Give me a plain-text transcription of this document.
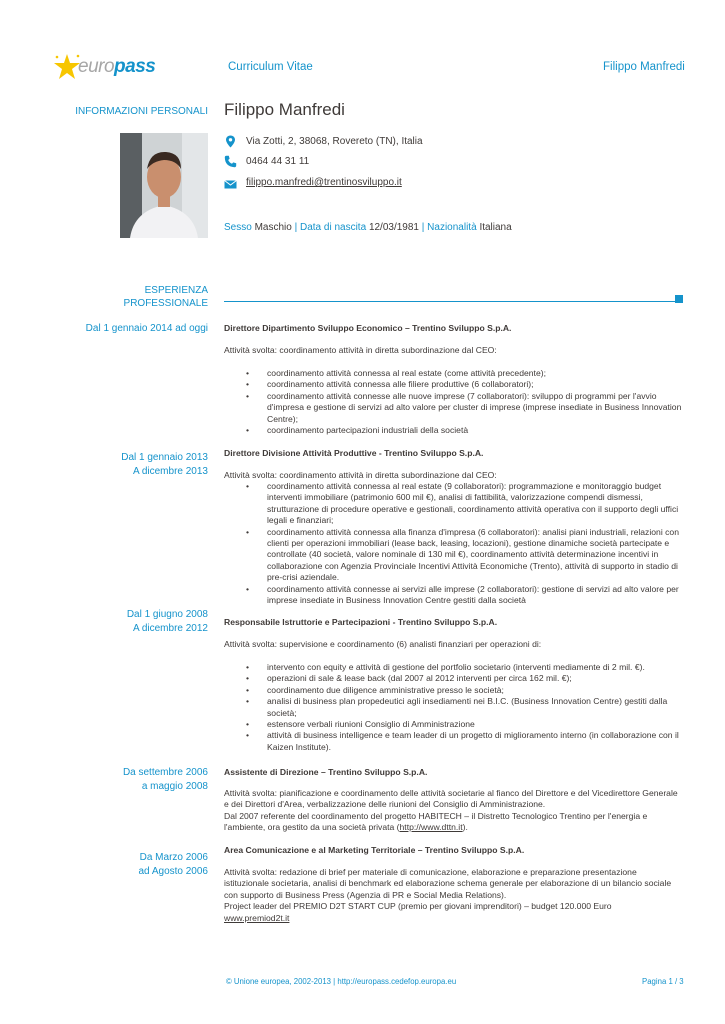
europass	Curriculum Vitae	Filippo Manfredi
INFORMAZIONI PERSONALI Filippo Manfredi
Via Zotti, 2, 38068, Rovereto (TN), Italia
0464 44 31 11
filippo.manfredi@trentinosviluppo.it
Sesso Maschio | Data di nascita 12/03/1981 | Nazionalità Italiana
ESPERIENZA
PROFESSIONALE
Dal 1 gennaio 2014 ad oggi Direttore Dipartimento Sviluppo Economico – Trentino Sviluppo S.p.A.
Attività svolta: coordinamento attività in diretta subordinazione dal CEO:
• coordinamento attività connessa al real estate (come attività precedente);
• coordinamento attività connessa alle filiere produttive (6 collaboratori);
• coordinamento attività connesse alle nuove imprese (7 collaboratori): sviluppo di programmi per l'avvio d'impresa e gestione di servizi ad alto valore per cluster di imprese (imprese insediate in Business Innovation Centre);
• coordinamento partecipazioni industriali della società
Dal 1 gennaio 2013
A dicembre 2013
Direttore Divisione Attività Produttive - Trentino Sviluppo S.p.A.
Attività svolta: coordinamento attività in diretta subordinazione dal CEO:
• coordinamento attività connessa al real estate (9 collaboratori): programmazione e monitoraggio budget interventi immobiliare (patrimonio 600 mil €), analisi di fattibilità, valorizzazione compendi dismessi, strutturazione di procedure operative e gestionali, coordinamento attività operativa con il supporto degli uffici legali e finanziari;
• coordinamento attività connessa alla finanza d'impresa (6 collaboratori): analisi piani industriali, relazioni con clienti per operazioni immobiliari (lease back, leasing, locazioni), gestione dinamiche società partecipate e controllate (40 società, valore nominale di 130 mil €), coordinamento attività determinazione incentivi in collaborazione con Agenzia Provinciale Incentivi Attività Economiche (Trento), attività di supporto in stadio di pre-crisi aziendale.
• coordinamento attività connesse ai servizi alle imprese (2 collaboratori): gestione di servizi ad alto valore per imprese insediate in Business Innovation Centre gestiti dalla società
Dal 1 giugno 2008
A dicembre 2012
Responsabile Istruttorie e Partecipazioni - Trentino Sviluppo S.p.A.
Attività svolta: supervisione e coordinamento (6) analisti finanziari per operazioni di:
• intervento con equity e attività di gestione del portfolio societario (interventi mediamente di 2 mil. €).
• operazioni di sale & lease back (dal 2007 al 2012 interventi per circa 162 mil. €);
• coordinamento due diligence amministrative presso le società;
• analisi di business plan propedeutici agli insediamenti nei B.I.C. (Business Innovation Centre) gestiti dalla società;
• estensore verbali riunioni Consiglio di Amministrazione
• attività di business intelligence e team leader di un progetto di miglioramento interno (in collaborazione con il Kaizen Institute).
Da settembre 2006
a maggio 2008
Assistente di Direzione – Trentino Sviluppo S.p.A.
Attività svolta: pianificazione e coordinamento delle attività societarie al fianco del Direttore e del Vicedirettore Generale e dei Direttori d'Area, verbalizzazione delle riunioni del Consiglio di Amministrazione.
Dal 2007 referente del coordinamento del progetto HABITECH – il Distretto Tecnologico Trentino per l'energia e l'ambiente, ora gestito da una società privata (http://www.dttn.it).
Da Marzo 2006
ad Agosto 2006
Area Comunicazione e al Marketing Territoriale – Trentino Sviluppo S.p.A.
Attività svolta: redazione di brief per materiale di comunicazione, elaborazione e preparazione presentazione istituzionale societaria, analisi di benchmark ed elaborazione schema generale per elaborazione di un bilancio sociale con supporto di Business Press (Agenzia di PR e Social Media Relations).
Project leader del PREMIO D2T START CUP (premio per giovani imprenditori) – budget 120.000 Euro
www.premiod2t.it
© Unione europea, 2002-2013 | http://europass.cedefop.europa.eu	Pagina 1 / 3
